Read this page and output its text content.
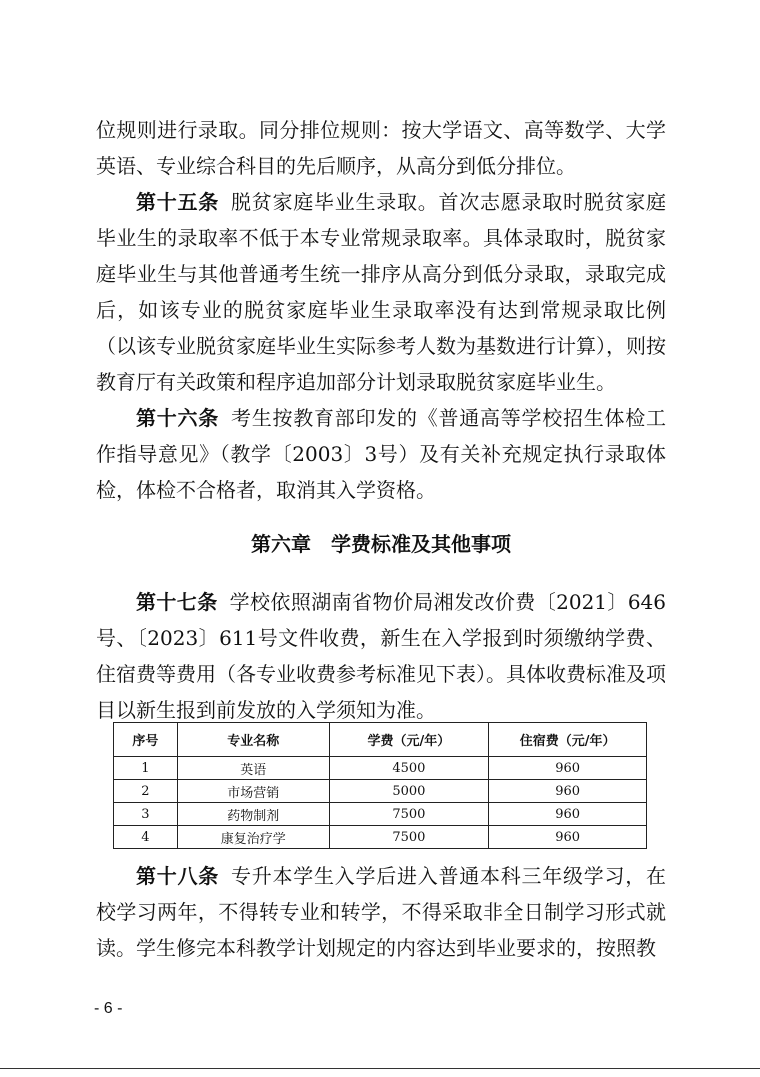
位规则进行录取。同分排位规则：按大学语文、高等数学、大学英语、专业综合科目的先后顺序，从高分到低分排位。

第十五条 脱贫家庭毕业生录取。首次志愿录取时脱贫家庭毕业生的录取率不低于本专业常规录取率。具体录取时，脱贫家庭毕业生与其他普通考生统一排序从高分到低分录取，录取完成后，如该专业的脱贫家庭毕业生录取率没有达到常规录取比例（以该专业脱贫家庭毕业生实际参考人数为基数进行计算），则按教育厅有关政策和程序追加部分计划录取脱贫家庭毕业生。

第十六条 考生按教育部印发的《普通高等学校招生体检工作指导意见》（教学〔2003〕3号）及有关补充规定执行录取体检，体检不合格者，取消其入学资格。

第六章　学费标准及其他事项

第十七条 学校依照湖南省物价局湘发改价费〔2021〕646号、〔2023〕611号文件收费，新生在入学报到时须缴纳学费、住宿费等费用（各专业收费参考标准见下表）。具体收费标准及项目以新生报到前发放的入学须知为准。

序号	专业名称	学费（元/年）	住宿费（元/年）
1	英语	4500	960
2	市场营销	5000	960
3	药物制剂	7500	960
4	康复治疗学	7500	960

第十八条 专升本学生入学后进入普通本科三年级学习，在校学习两年，不得转专业和转学，不得采取非全日制学习形式就读。学生修完本科教学计划规定的内容达到毕业要求的，按照教

- 6 -
